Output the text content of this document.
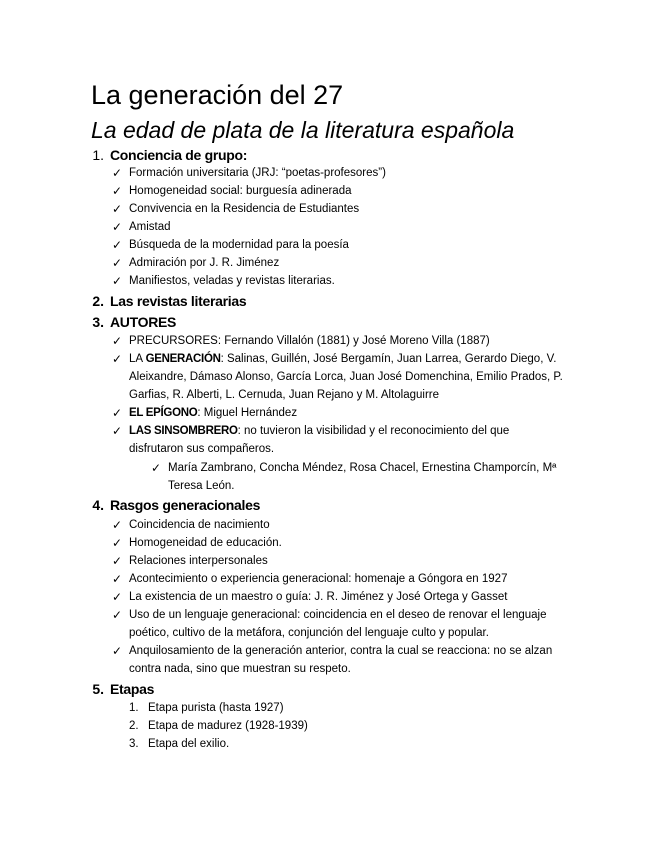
La generación del 27
La edad de plata de la literatura española
1. Conciencia de grupo:
✓ Formación universitaria (JRJ: “poetas-profesores”)
✓ Homogeneidad social: burguesía adinerada
✓ Convivencia en la Residencia de Estudiantes
✓ Amistad
✓ Búsqueda de la modernidad para la poesía
✓ Admiración por J. R. Jiménez
✓ Manifiestos, veladas y revistas literarias.
2. Las revistas literarias
3. AUTORES
✓ PRECURSORES: Fernando Villalón (1881) y José Moreno Villa (1887)
✓ LA GENERACIÓN: Salinas, Guillén, José Bergamín, Juan Larrea, Gerardo Diego, V.
Aleixandre, Dámaso Alonso, García Lorca, Juan José Domenchina, Emilio Prados, P.
Garfias, R. Alberti, L. Cernuda, Juan Rejano y M. Altolaguirre
✓ EL EPÍGONO: Miguel Hernández
✓ LAS SINSOMBRERO: no tuvieron la visibilidad y el reconocimiento del que
disfrutaron sus compañeros.
✓ María Zambrano, Concha Méndez, Rosa Chacel, Ernestina Champorcín, Mª
Teresa León.
4. Rasgos generacionales
✓ Coincidencia de nacimiento
✓ Homogeneidad de educación.
✓ Relaciones interpersonales
✓ Acontecimiento o experiencia generacional: homenaje a Góngora en 1927
✓ La existencia de un maestro o guía: J. R. Jiménez y José Ortega y Gasset
✓ Uso de un lenguaje generacional: coincidencia en el deseo de renovar el lenguaje
poético, cultivo de la metáfora, conjunción del lenguaje culto y popular.
✓ Anquilosamiento de la generación anterior, contra la cual se reacciona: no se alzan
contra nada, sino que muestran su respeto.
5. Etapas
1. Etapa purista (hasta 1927)
2. Etapa de madurez (1928-1939)
3. Etapa del exilio.
